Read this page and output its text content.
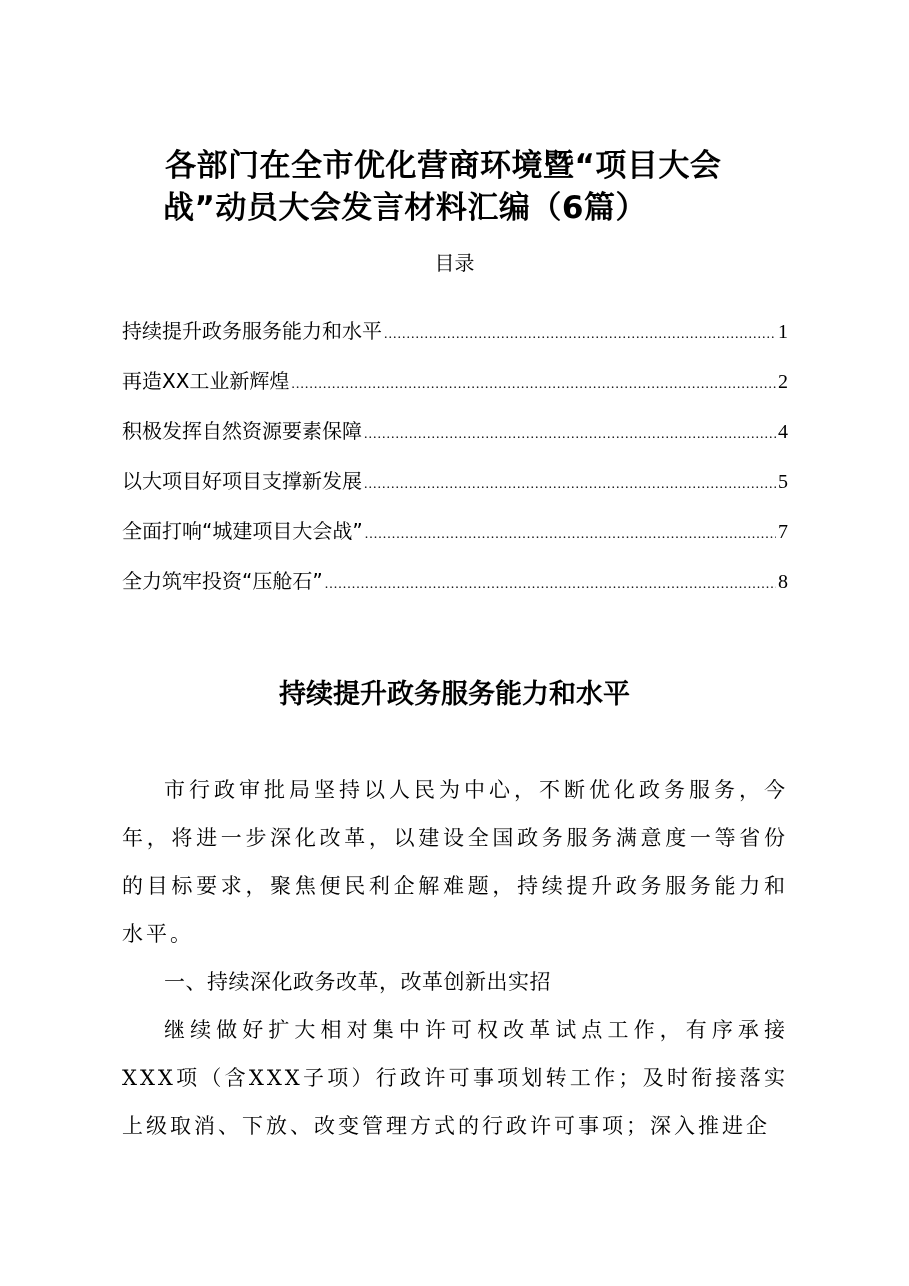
各部门在全市优化营商环境暨“项目大会
战”动员大会发言材料汇编（6篇）
目录
持续提升政务服务能力和水平 .....	1
再造XX工业新辉煌 .....	2
积极发挥自然资源要素保障 .....	4
以大项目好项目支撑新发展 .....	5
全面打响“城建项目大会战” .....	7
全力筑牢投资“压舱石” .....	8
持续提升政务服务能力和水平

市行政审批局坚持以人民为中心，不断优化政务服务，今年，将进一步深化改革，以建设全国政务服务满意度一等省份的目标要求，聚焦便民利企解难题，持续提升政务服务能力和水平。

一、持续深化政务改革，改革创新出实招

继续做好扩大相对集中许可权改革试点工作，有序承接XXX项（含XXX子项）行政许可事项划转工作；及时衔接落实上级取消、下放、改变管理方式的行政许可事项；深入推进企
